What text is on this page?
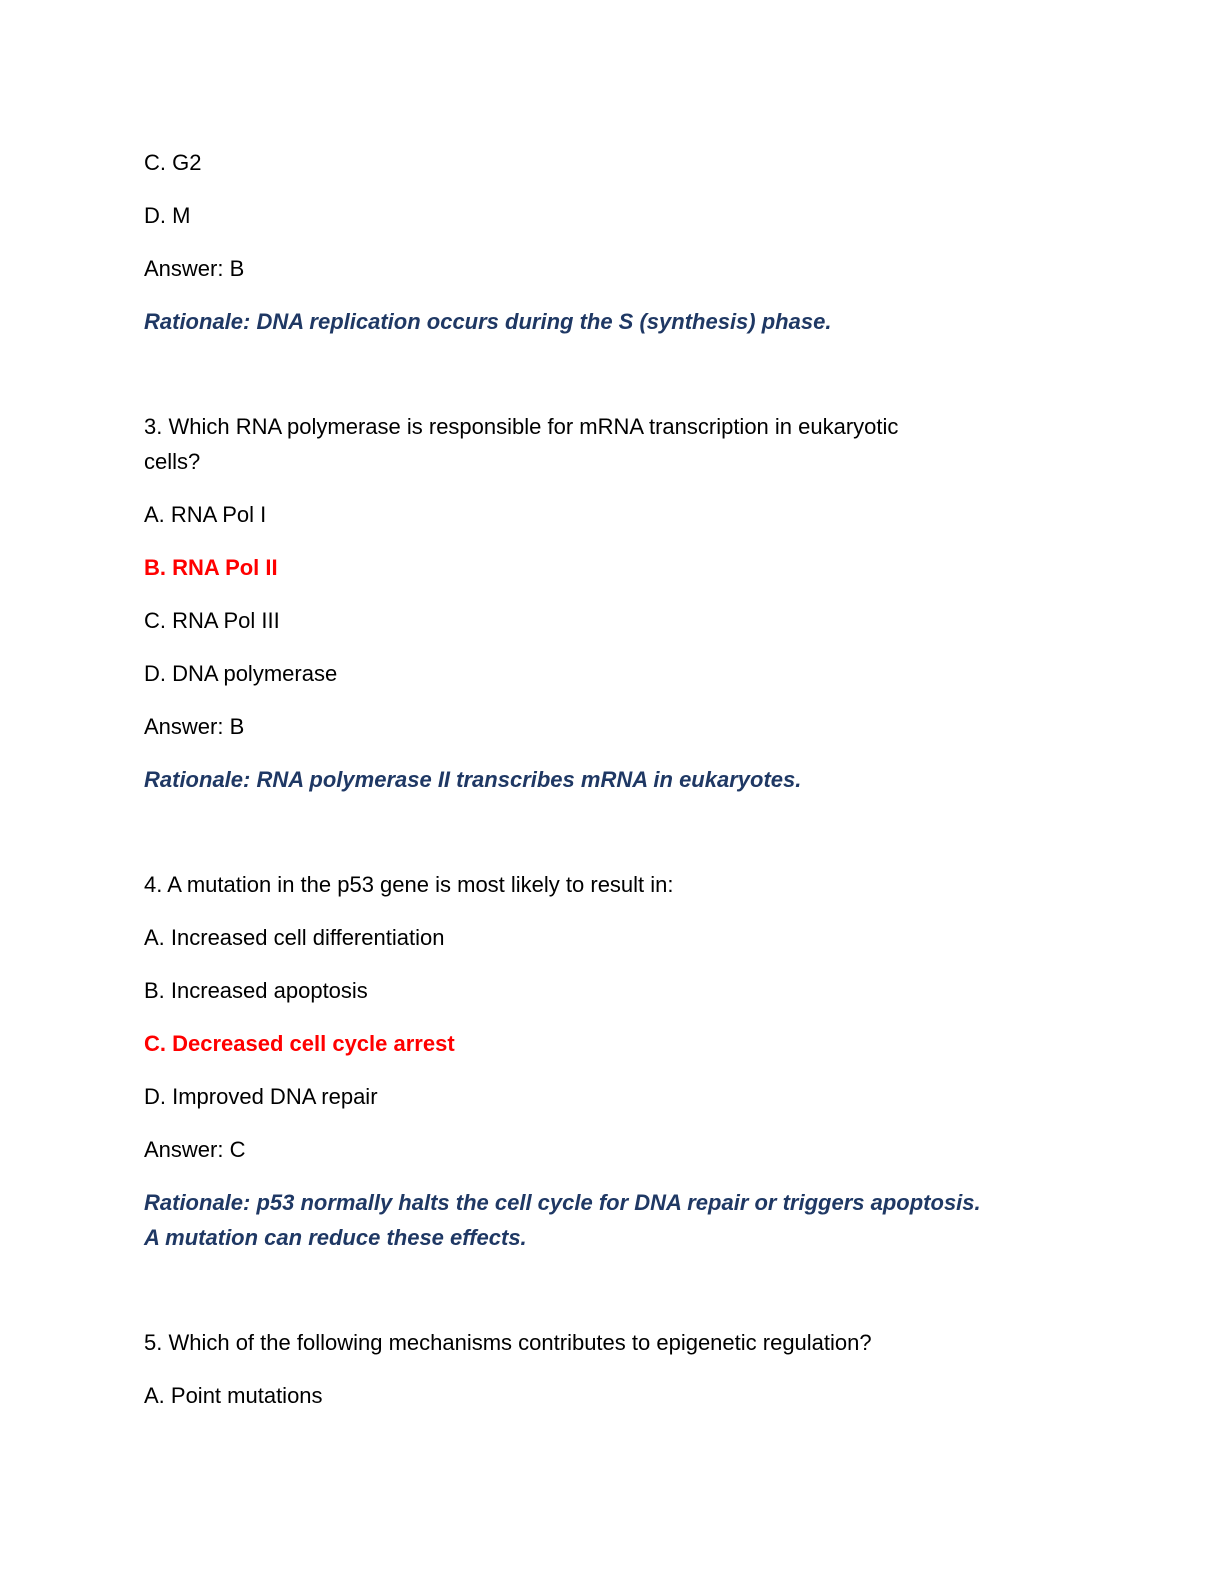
C. G2
D. M
Answer: B
Rationale: DNA replication occurs during the S (synthesis) phase.
3. Which RNA polymerase is responsible for mRNA transcription in eukaryotic
cells?
A. RNA Pol I
B. RNA Pol II
C. RNA Pol III
D. DNA polymerase
Answer: B
Rationale: RNA polymerase II transcribes mRNA in eukaryotes.
4. A mutation in the p53 gene is most likely to result in:
A. Increased cell differentiation
B. Increased apoptosis
C. Decreased cell cycle arrest
D. Improved DNA repair
Answer: C
Rationale: p53 normally halts the cell cycle for DNA repair or triggers apoptosis.
A mutation can reduce these effects.
5. Which of the following mechanisms contributes to epigenetic regulation?
A. Point mutations
